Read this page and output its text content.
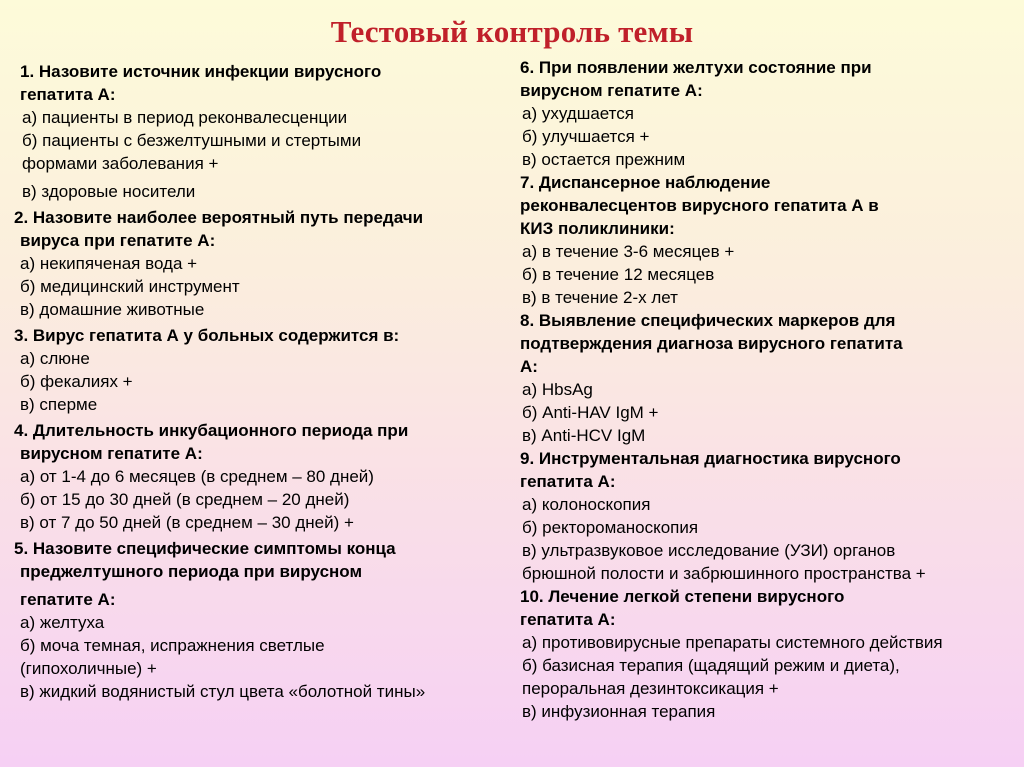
Тестовый контроль темы
1. Назовите источник инфекции вирусного
гепатита А:
а) пациенты в период реконвалесценции
б) пациенты с безжелтушными и стертыми
формами заболевания +
в) здоровые носители
2. Назовите наиболее вероятный путь передачи
вируса при гепатите А:
а) некипяченая вода +
б) медицинский инструмент
в) домашние животные
3. Вирус гепатита А у больных содержится в:
а) слюне
б) фекалиях +
в) сперме
4. Длительность инкубационного периода при
вирусном гепатите А:
а) от 1-4 до 6 месяцев (в среднем – 80 дней)
б) от 15 до 30 дней (в среднем – 20 дней)
в) от 7 до 50 дней (в среднем – 30 дней) +
5. Назовите специфические симптомы конца
преджелтушного периода при вирусном
гепатите А:
а) желтуха
б) моча темная, испражнения светлые
(гипохоличные) +
в) жидкий водянистый стул цвета «болотной тины»
6. При появлении желтухи состояние при
вирусном гепатите А:
а) ухудшается
б) улучшается +
в) остается прежним
7. Диспансерное наблюдение
реконвалесцентов вирусного гепатита А в
КИЗ поликлиники:
а) в течение 3-6 месяцев +
б) в течение 12 месяцев
в) в течение 2-х лет
8. Выявление специфических маркеров для
подтверждения диагноза вирусного гепатита
А:
а) HbsAg
б) Anti-HAV IgM +
в) Anti-HCV IgM
9. Инструментальная диагностика вирусного
гепатита А:
а) колоноскопия
б) ректороманоскопия
в) ультразвуковое исследование (УЗИ) органов
брюшной полости и забрюшинного пространства +
10. Лечение легкой степени вирусного
гепатита А:
а) противовирусные препараты системного действия
б) базисная терапия (щадящий режим и диета),
пероральная дезинтоксикация +
в) инфузионная терапия
